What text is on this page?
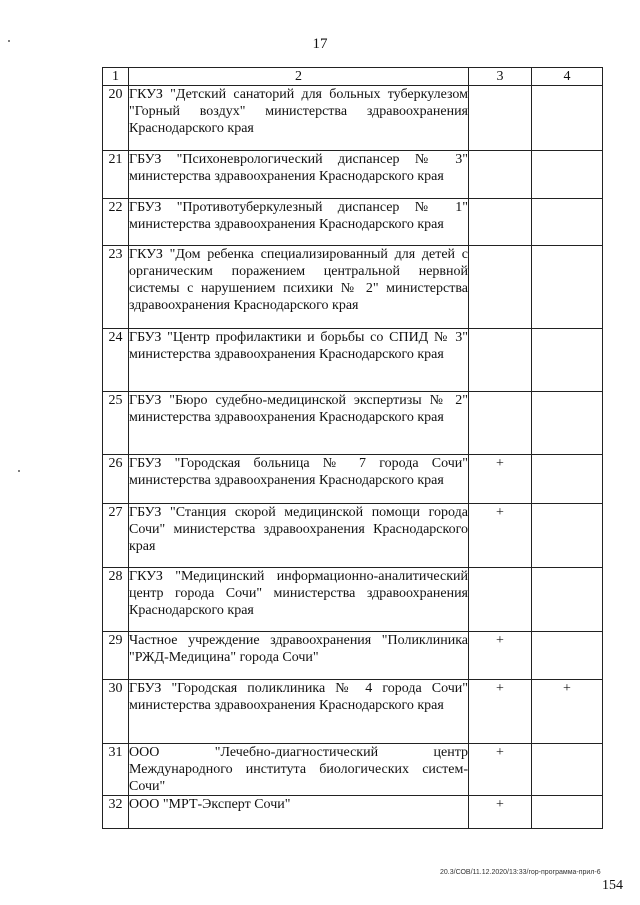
17
1	2	3	4
20	ГКУЗ "Детский санаторий для больных туберкулезом "Горный воздух" министерства здравоохранения Краснодарского края		
21	ГБУЗ "Психоневрологический диспансер № 3" министерства здравоохранения Краснодарского края		
22	ГБУЗ "Противотуберкулезный диспансер № 1" министерства здравоохранения Краснодарского края		
23	ГКУЗ "Дом ребенка специализированный для детей с органическим поражением центральной нервной системы с нарушением психики № 2" министерства здравоохранения Краснодарского края		
24	ГБУЗ "Центр профилактики и борьбы со СПИД № 3" министерства здравоохранения Краснодарского края		
25	ГБУЗ "Бюро судебно-медицинской экспертизы № 2" министерства здравоохранения Краснодарского края		
26	ГБУЗ "Городская больница № 7 города Сочи" министерства здравоохранения Краснодарского края	+	
27	ГБУЗ "Станция скорой медицинской помощи города Сочи" министерства здравоохранения Краснодарского края	+	
28	ГКУЗ "Медицинский информационно-аналитический центр города Сочи" министерства здравоохранения Краснодарского края		
29	Частное учреждение здравоохранения "Поликлиника "РЖД-Медицина" города Сочи"	+	
30	ГБУЗ "Городская поликлиника № 4 города Сочи" министерства здравоохранения Краснодарского края	+	+
31	ООО "Лечебно-диагностический центр Международного института биологических систем-Сочи"	+	
32	ООО "МРТ-Эксперт Сочи"	+	
20.3/СОВ/11.12.2020/13:33/гор-программа-прил-6
154
